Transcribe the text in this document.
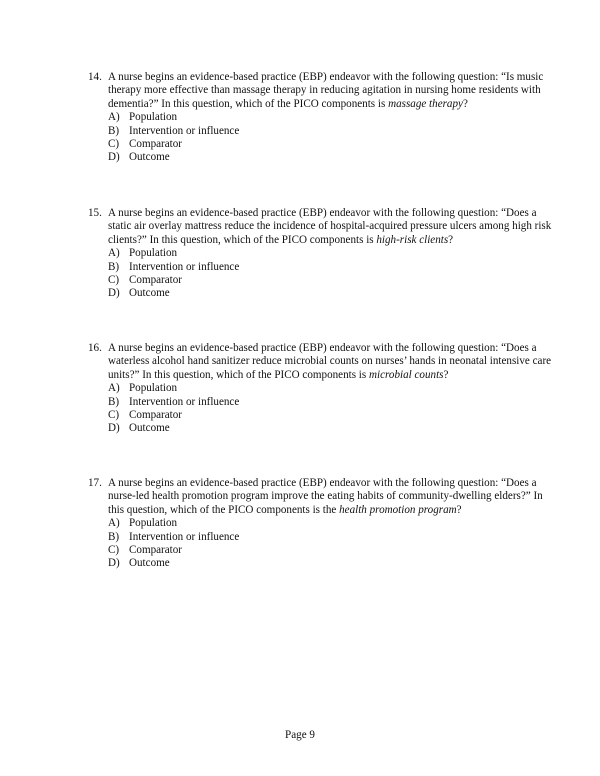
14. A nurse begins an evidence-based practice (EBP) endeavor with the following question: “Is music therapy more effective than massage therapy in reducing agitation in nursing home residents with dementia?” In this question, which of the PICO components is massage therapy?
A) Population
B) Intervention or influence
C) Comparator
D) Outcome
15. A nurse begins an evidence-based practice (EBP) endeavor with the following question: “Does a static air overlay mattress reduce the incidence of hospital-acquired pressure ulcers among high risk clients?” In this question, which of the PICO components is high-risk clients?
A) Population
B) Intervention or influence
C) Comparator
D) Outcome
16. A nurse begins an evidence-based practice (EBP) endeavor with the following question: “Does a waterless alcohol hand sanitizer reduce microbial counts on nurses’ hands in neonatal intensive care units?” In this question, which of the PICO components is microbial counts?
A) Population
B) Intervention or influence
C) Comparator
D) Outcome
17. A nurse begins an evidence-based practice (EBP) endeavor with the following question: “Does a nurse-led health promotion program improve the eating habits of community-dwelling elders?” In this question, which of the PICO components is the health promotion program?
A) Population
B) Intervention or influence
C) Comparator
D) Outcome
Page 9
